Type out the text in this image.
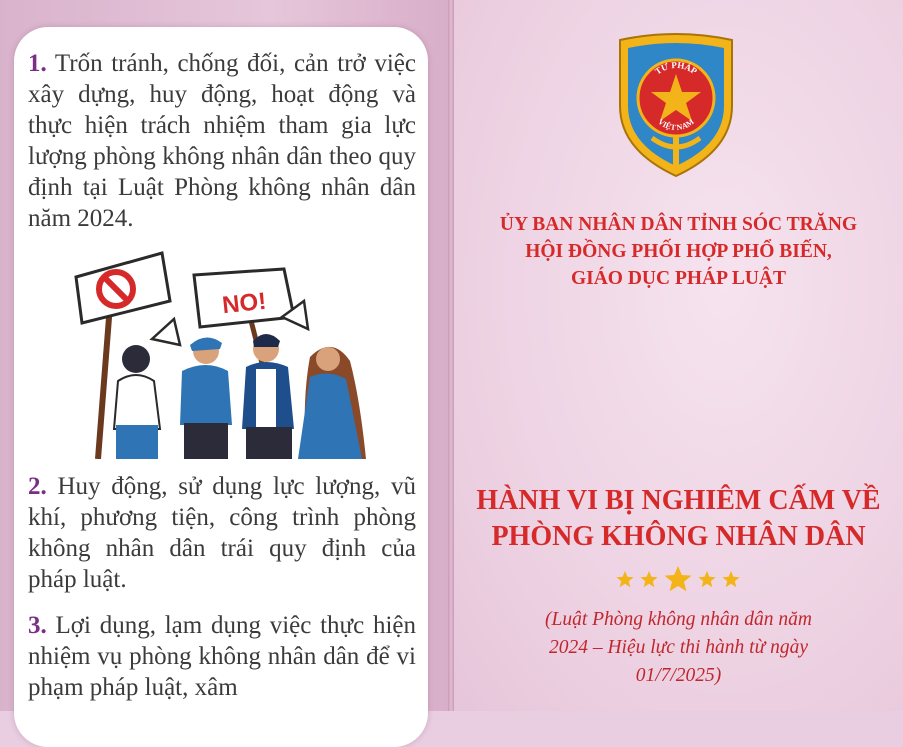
1. Trốn tránh, chống đối, cản trở việc xây dựng, huy động, hoạt động và thực hiện trách nhiệm tham gia lực lượng phòng không nhân dân theo quy định tại Luật Phòng không nhân dân năm 2024.
NO!
2. Huy động, sử dụng lực lượng, vũ khí, phương tiện, công trình phòng không nhân dân trái quy định của pháp luật.
3. Lợi dụng, lạm dụng việc thực hiện nhiệm vụ phòng không nhân dân để vi phạm pháp luật, xâm
TƯ PHÁP
VIỆT NAM
ỦY BAN NHÂN DÂN TỈNH SÓC TRĂNG
HỘI ĐỒNG PHỐI HỢP PHỔ BIẾN,
GIÁO DỤC PHÁP LUẬT
HÀNH VI BỊ NGHIÊM CẤM VỀ
PHÒNG KHÔNG NHÂN DÂN
(Luật Phòng không nhân dân năm
2024 – Hiệu lực thi hành từ ngày
01/7/2025)
